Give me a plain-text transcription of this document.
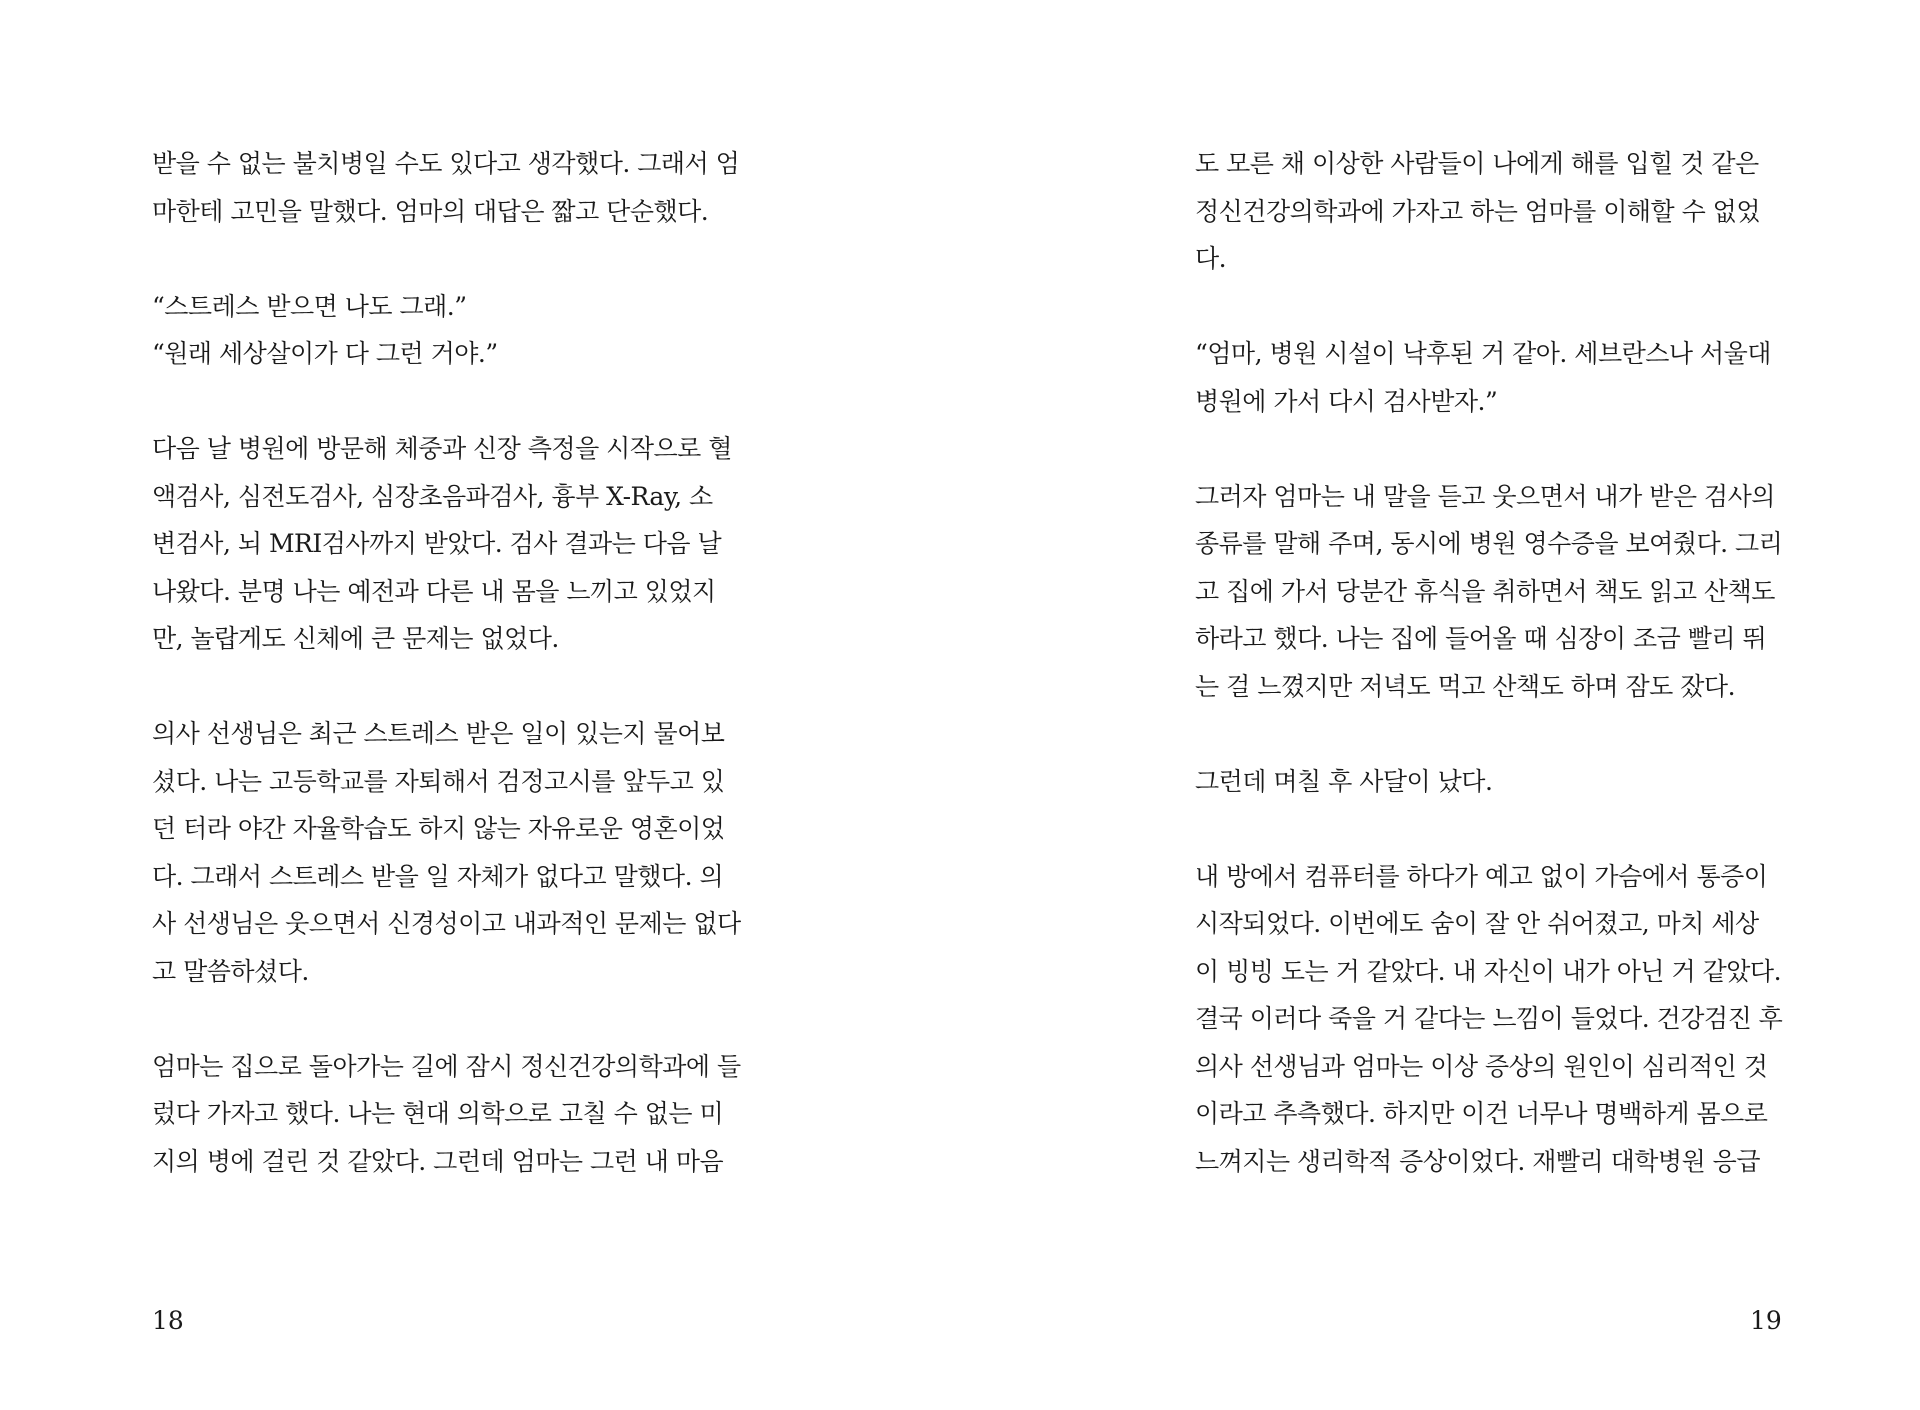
받을 수 없는 불치병일 수도 있다고 생각했다. 그래서 엄
마한테 고민을 말했다. 엄마의 대답은 짧고 단순했다.

“스트레스 받으면 나도 그래.”

“원래 세상살이가 다 그런 거야.”

다음 날 병원에 방문해 체중과 신장 측정을 시작으로 혈
액검사, 심전도검사, 심장초음파검사, 흉부 X-Ray, 소
변검사, 뇌 MRI검사까지 받았다. 검사 결과는 다음 날
나왔다. 분명 나는 예전과 다른 내 몸을 느끼고 있었지
만, 놀랍게도 신체에 큰 문제는 없었다.

의사 선생님은 최근 스트레스 받은 일이 있는지 물어보
셨다. 나는 고등학교를 자퇴해서 검정고시를 앞두고 있
던 터라 야간 자율학습도 하지 않는 자유로운 영혼이었
다. 그래서 스트레스 받을 일 자체가 없다고 말했다. 의
사 선생님은 웃으면서 신경성이고 내과적인 문제는 없다
고 말씀하셨다.

엄마는 집으로 돌아가는 길에 잠시 정신건강의학과에 들
렀다 가자고 했다. 나는 현대 의학으로 고칠 수 없는 미
지의 병에 걸린 것 같았다. 그런데 엄마는 그런 내 마음

18

도 모른 채 이상한 사람들이 나에게 해를 입힐 것 같은
정신건강의학과에 가자고 하는 엄마를 이해할 수 없었
다.

“엄마, 병원 시설이 낙후된 거 같아. 세브란스나 서울대
병원에 가서 다시 검사받자.”

그러자 엄마는 내 말을 듣고 웃으면서 내가 받은 검사의
종류를 말해 주며, 동시에 병원 영수증을 보여줬다. 그리
고 집에 가서 당분간 휴식을 취하면서 책도 읽고 산책도
하라고 했다. 나는 집에 들어올 때 심장이 조금 빨리 뛰
는 걸 느꼈지만 저녁도 먹고 산책도 하며 잠도 잤다.

그런데 며칠 후 사달이 났다.

내 방에서 컴퓨터를 하다가 예고 없이 가슴에서 통증이
시작되었다. 이번에도 숨이 잘 안 쉬어졌고, 마치 세상
이 빙빙 도는 거 같았다. 내 자신이 내가 아닌 거 같았다.
결국 이러다 죽을 거 같다는 느낌이 들었다. 건강검진 후
의사 선생님과 엄마는 이상 증상의 원인이 심리적인 것
이라고 추측했다. 하지만 이건 너무나 명백하게 몸으로
느껴지는 생리학적 증상이었다. 재빨리 대학병원 응급

19
